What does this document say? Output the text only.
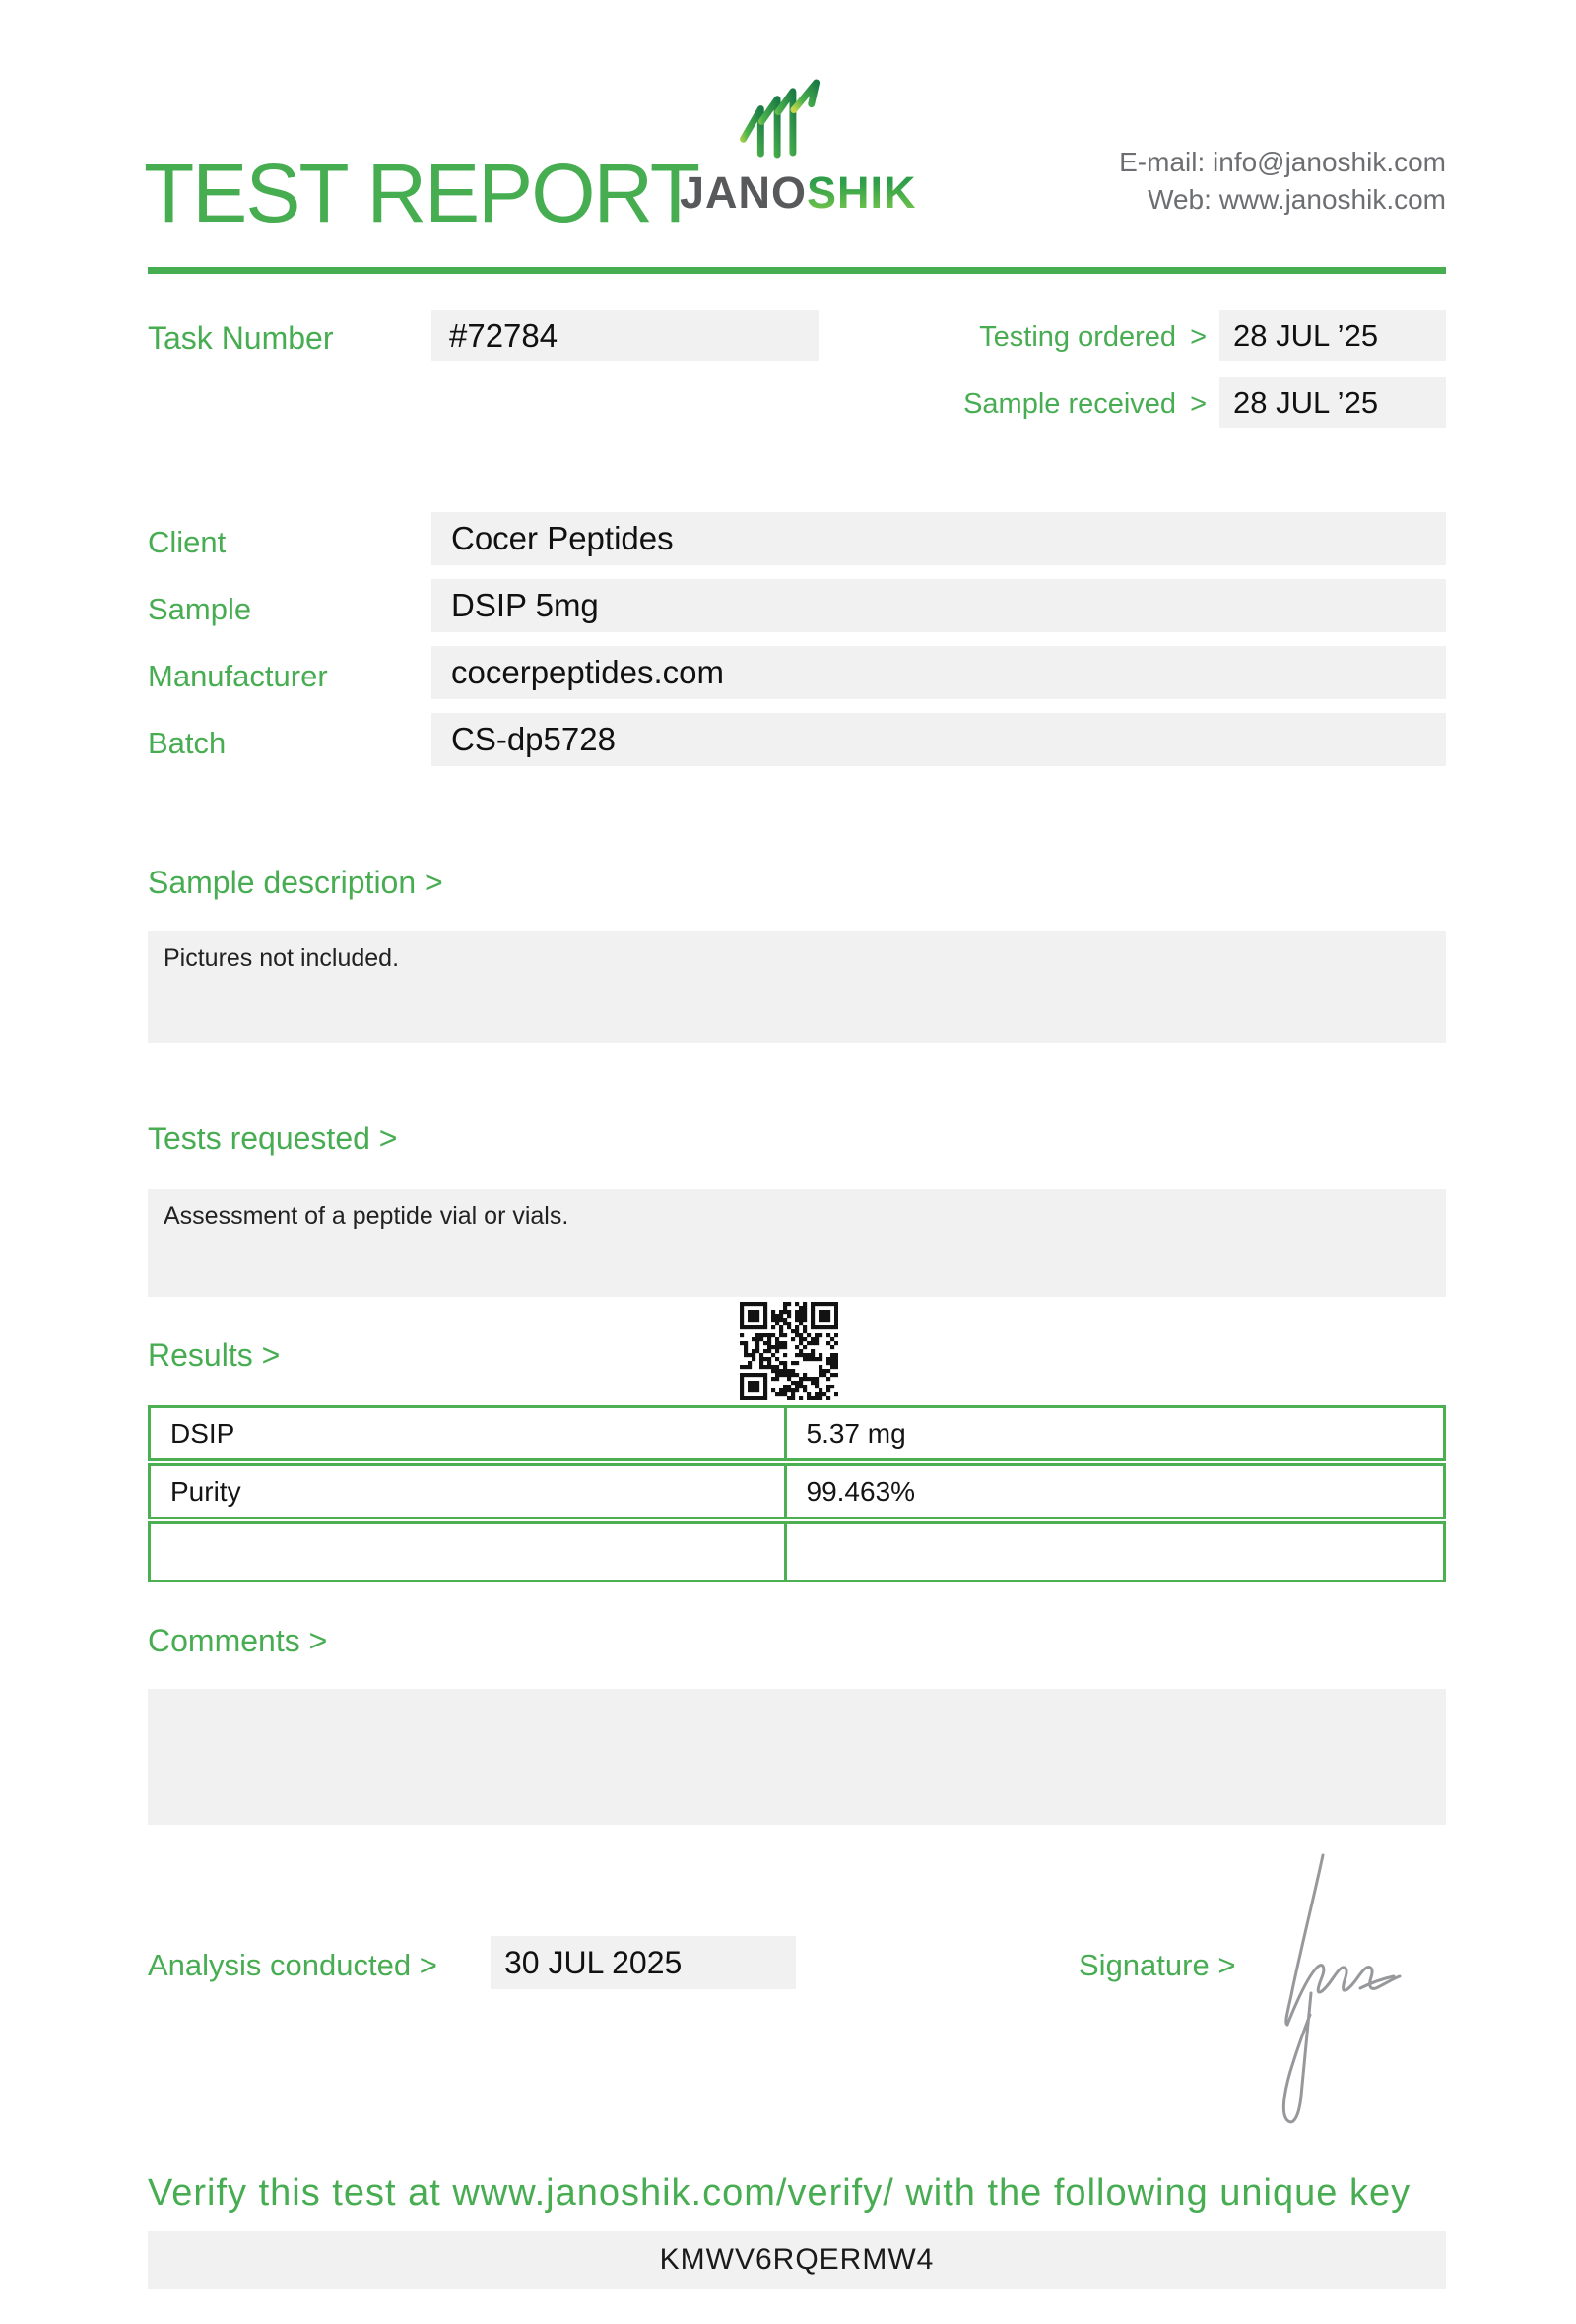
TEST REPORT
JANOSHIK
E-mail: info@janoshik.com
Web: www.janoshik.com
Task Number	#72784	Testing ordered > 28 JUL ’25
Sample received > 28 JUL ’25
Client	Cocer Peptides
Sample	DSIP 5mg
Manufacturer	cocerpeptides.com
Batch	CS-dp5728
Sample description >
Pictures not included.
Tests requested >
Assessment of a peptide vial or vials.
Results >
DSIP	5.37 mg
Purity	99.463%
Comments >
Analysis conducted >	30 JUL 2025	Signature >
Verify this test at www.janoshik.com/verify/ with the following unique key
KMWV6RQERMW4
